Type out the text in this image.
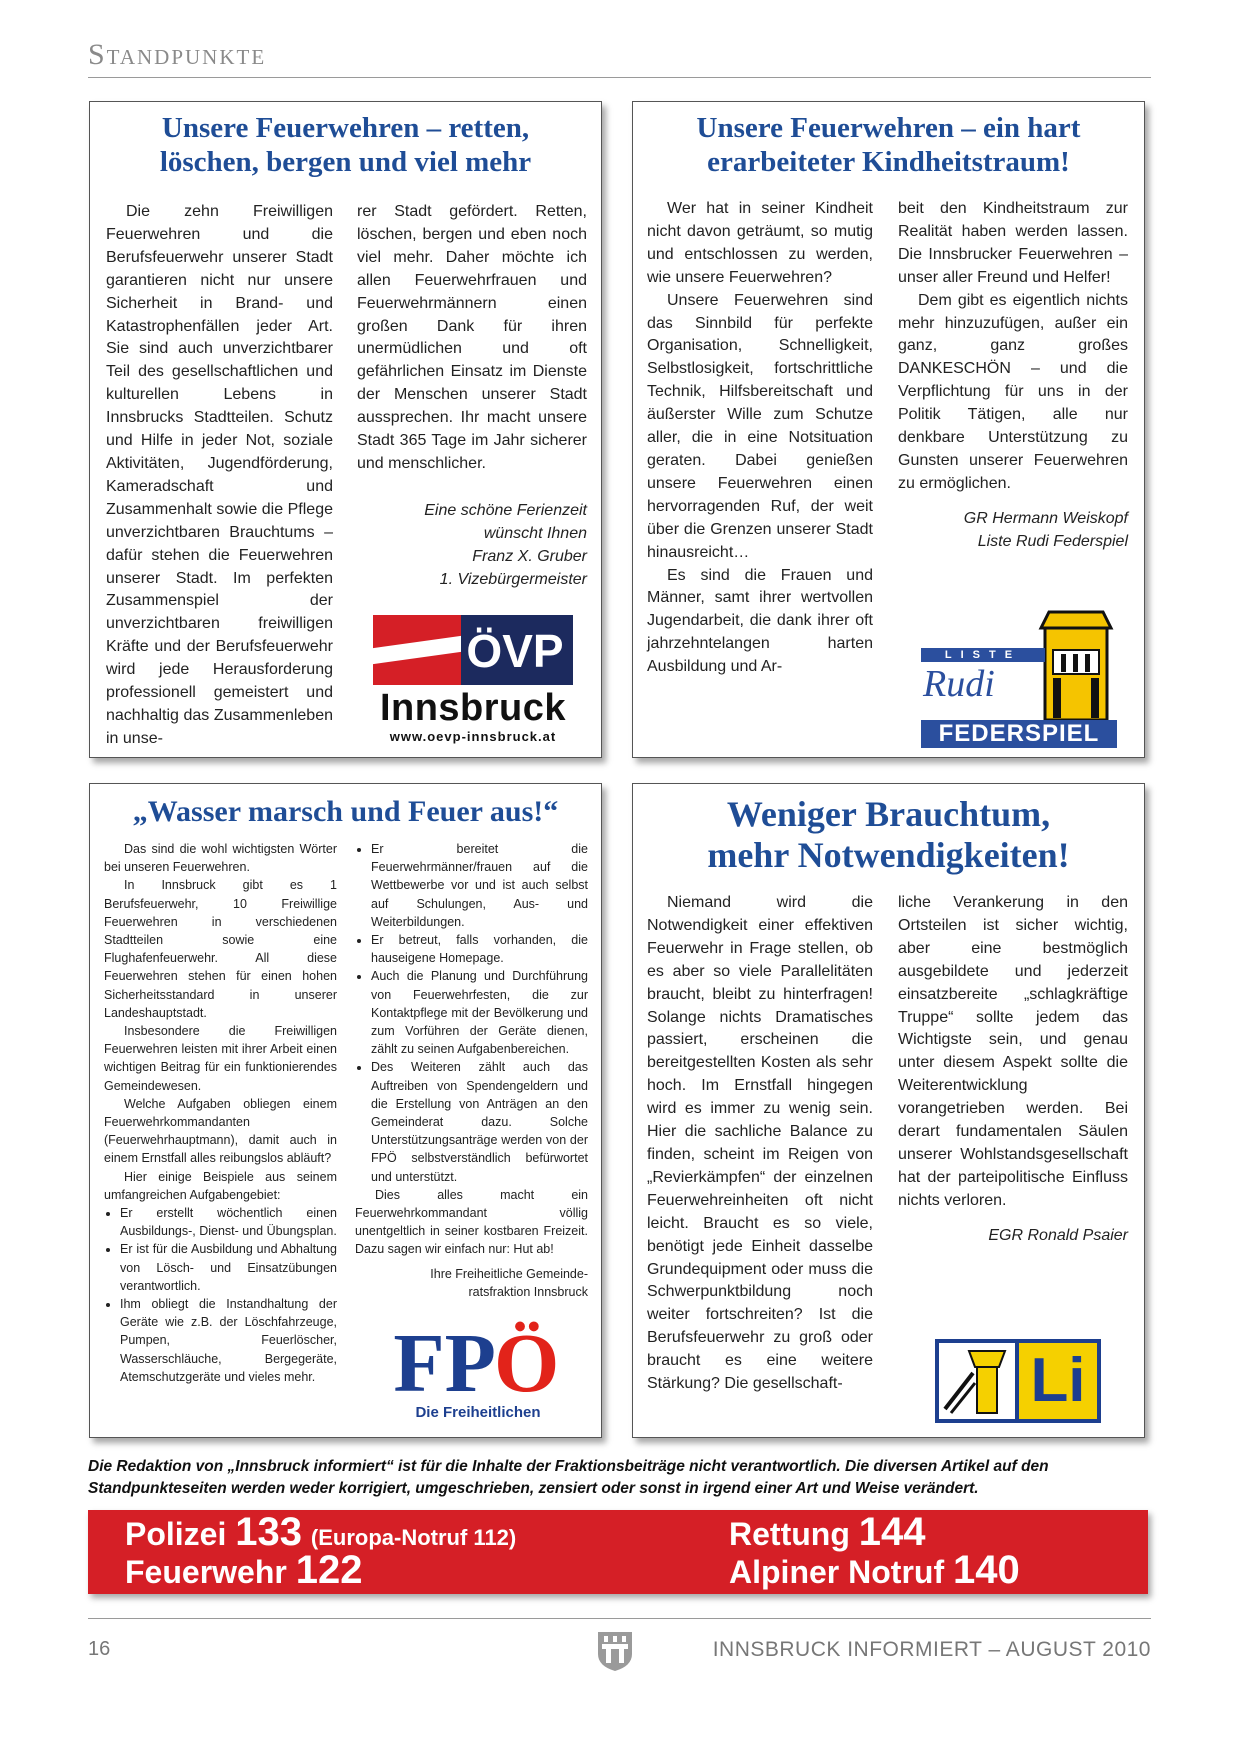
Standpunkte
Unsere Feuerwehren – retten,
löschen, bergen und viel mehr

Die zehn Freiwilligen Feuerwehren und die Berufsfeuerwehr unserer Stadt garantieren nicht nur unsere Sicherheit in Brand- und Katastrophenfällen jeder Art. Sie sind auch unverzichtbarer Teil des gesellschaftlichen und kulturellen Lebens in Innsbrucks Stadtteilen. Schutz und Hilfe in jeder Not, soziale Aktivitäten, Jugendförderung, Kameradschaft und Zusammenhalt sowie die Pflege unverzichtbaren Brauchtums – dafür stehen die Feuerwehren unserer Stadt. Im perfekten Zusammenspiel der unverzichtbaren freiwilligen Kräfte und der Berufsfeuerwehr wird jede Herausforderung professionell gemeistert und nachhaltig das Zusammenleben in unse-

rer Stadt gefördert. Retten, löschen, bergen und eben noch viel mehr. Daher möchte ich allen Feuerwehrfrauen und Feuerwehrmännern einen großen Dank für ihren unermüdlichen und oft gefährlichen Einsatz im Dienste der Menschen unserer Stadt aussprechen. Ihr macht unsere Stadt 365 Tage im Jahr sicherer und menschlicher.

Eine schöne Ferienzeit

wünscht Ihnen

Franz X. Gruber

1. Vizebürgermeister

ÖVP
Innsbruck
www.oevp-innsbruck.at
Unsere Feuerwehren – ein hart
erarbeiteter Kindheitstraum!

Wer hat in seiner Kindheit nicht davon geträumt, so mutig und entschlossen zu werden, wie unsere Feuerwehren?

Unsere Feuerwehren sind das Sinnbild für perfekte Organisation, Schnelligkeit, Selbstlosigkeit, fortschrittliche Technik, Hilfsbereitschaft und äußerster Wille zum Schutze aller, die in eine Notsituation geraten. Dabei genießen unsere Feuerwehren einen hervorragenden Ruf, der weit über die Grenzen unserer Stadt hinausreicht…

Es sind die Frauen und Männer, samt ihrer wertvollen Jugendarbeit, die dank ihrer oft jahrzehntelangen harten Ausbildung und Ar-

beit den Kindheitstraum zur Realität haben werden lassen. Die Innsbrucker Feuerwehren – unser aller Freund und Helfer!

Dem gibt es eigentlich nichts mehr hinzuzufügen, außer ein ganz, ganz großes DANKESCHÖN – und die Verpflichtung für uns in der Politik Tätigen, alle nur denkbare Unterstützung zu Gunsten unserer Feuerwehren zu ermöglichen.

GR Hermann Weiskopf

Liste Rudi Federspiel

LISTE
Rudi
FEDERSPIEL
„Wasser marsch und Feuer aus!“

Das sind die wohl wichtigsten Wörter bei unseren Feuerwehren.

In Innsbruck gibt es 1 Berufsfeuerwehr, 10 Freiwillige Feuerwehren in verschiedenen Stadtteilen sowie eine Flughafenfeuerwehr. All diese Feuerwehren stehen für einen hohen Sicherheitsstandard in unserer Landeshauptstadt.

Insbesondere die Freiwilligen Feuerwehren leisten mit ihrer Arbeit einen wichtigen Beitrag für ein funktionierendes Gemeindewesen.

Welche Aufgaben obliegen einem Feuerwehrkommandanten (Feuerwehrhauptmann), damit auch in einem Ernstfall alles reibungslos abläuft?

Hier einige Beispiele aus seinem umfangreichen Aufgabengebiet:

• Er erstellt wöchentlich einen Ausbildungs-, Dienst- und Übungsplan.
• Er ist für die Ausbildung und Abhaltung von Lösch- und Einsatzübungen verantwortlich.
• Ihm obliegt die Instandhaltung der Geräte wie z.B. der Löschfahrzeuge, Pumpen, Feuerlöscher, Wasserschläuche, Bergegeräte, Atemschutzgeräte und vieles mehr.
• Er bereitet die Feuerwehrmänner/frauen auf die Wettbewerbe vor und ist auch selbst auf Schulungen, Aus- und Weiterbildungen.
• Er betreut, falls vorhanden, die hauseigene Homepage.
• Auch die Planung und Durchführung von Feuerwehrfesten, die zur Kontaktpflege mit der Bevölkerung und zum Vorführen der Geräte dienen, zählt zu seinen Aufgabenbereichen.
• Des Weiteren zählt auch das Auftreiben von Spendengeldern und die Erstellung von Anträgen an den Gemeinderat dazu. Solche Unterstützungsanträge werden von der FPÖ selbstverständlich befürwortet und unterstützt.

Dies alles macht ein Feuerwehrkommandant völlig unentgeltlich in seiner kostbaren Freizeit. Dazu sagen wir einfach nur: Hut ab!

Ihre Freiheitliche Gemeinde-

ratsfraktion Innsbruck

FP
Ö
Die Freiheitlichen
Weniger Brauchtum,
mehr Notwendigkeiten!

Niemand wird die Notwendigkeit einer effektiven Feuerwehr in Frage stellen, ob es aber so viele Parallelitäten braucht, bleibt zu hinterfragen! Solange nichts Dramatisches passiert, erscheinen die bereitgestellten Kosten als sehr hoch. Im Ernstfall hingegen wird es immer zu wenig sein. Hier die sachliche Balance zu finden, scheint im Reigen von „Revierkämpfen“ der einzelnen Feuerwehreinheiten oft nicht leicht. Braucht es so viele, benötigt jede Einheit dasselbe Grundequipment oder muss die Schwerpunktbildung noch weiter fortschreiten? Ist die Berufsfeuerwehr zu groß oder braucht es eine weitere Stärkung? Die gesellschaft-

liche Verankerung in den Ortsteilen ist sicher wichtig, aber eine bestmöglich ausgebildete und jederzeit einsatzbereite „schlagkräftige Truppe“ sollte jedem das Wichtigste sein, und genau unter diesem Aspekt sollte die Weiterentwicklung vorangetrieben werden. Bei derart fundamentalen Säulen unserer Wohlstandsgesellschaft hat der parteipolitische Einfluss nichts verloren.

EGR Ronald Psaier

Li
Die Redaktion von „Innsbruck informiert“ ist für die Inhalte der Fraktionsbeiträge nicht verantwortlich. Die diversen Artikel auf den Standpunkteseiten werden weder korrigiert, umgeschrieben, zensiert oder sonst in irgend einer Art und Weise verändert.
Polizei 133 (Europa-Notruf 112)
Feuerwehr 122
Rettung 144
Alpiner Notruf 140
16	INNSBRUCK INFORMIERT – AUGUST 2010
